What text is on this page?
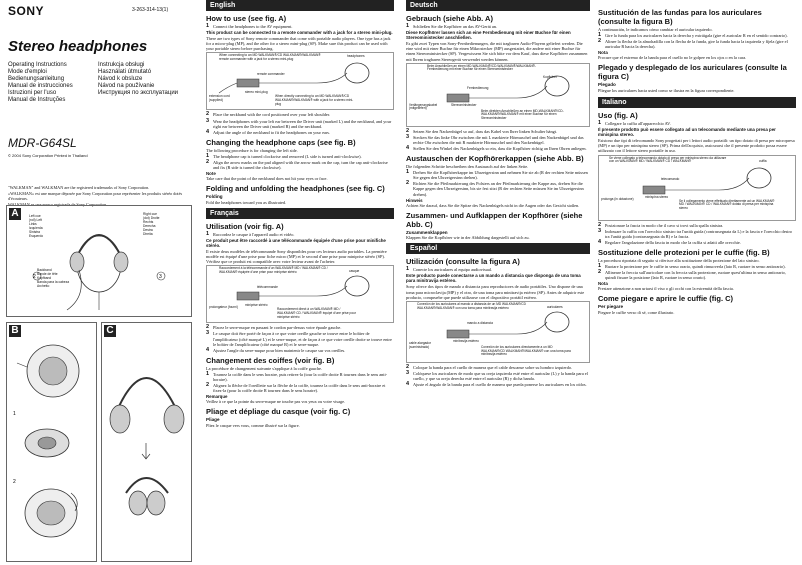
SONY	3-263-314-13(1)
Stereo headphones
Operating Instructions
Mode d'emploi
Bedienungsanleitung
Manual de instrucciones
Istruzioni per l'uso
Manual de Instruções
Instrukcja obsługi
Használati útmutató
Návod k obsluze
Návod na používanie
Инструкция по эксплуатации
MDR-G64SL
© 2004 Sony Corporation Printed in Thailand

"WALKMAN" and WALKMAN are the registered trademarks of Sony Corporation.

«WALKMAN» est une marque déposée par Sony Corporation pour représenter les produits stéréo dotés d'écouteurs.

WALKMAN es una marca registrada de Sony Corporation.

A
2	3
Left cue
(roll) Left
Links
Izquierda
Sinistra
Esquerdo
Right cue
(dot) Droite
Rechts
Derecha
Destra
Direita
Backband
Bande de tête
Kopfband
Banda para la cabeza
Archetto
B
1
2
C
English
How to use (see fig. A)
1 Connect the headphones to the AV equipment.
This product can be connected to a remote commander with a jack for a stereo mini-plug.
There are two types of Sony remote commander that come with portable audio players. One type has a jack for a micro-plug (MP), and the other for a stereo mini-plug (SP). Make sure this product can be used with your portable stereo before purchasing.
When connecting to an MD WALKMAN®/CD WALKMAN®/WALKMAN® remote commander with a jack for a stereo mini-plug
remote commander
headphones
extension cord (supplied)
stereo mini-plug
When directly connecting to an MD WALKMAN®/CD WALKMAN®/WALKMAN® with a jack for a stereo mini-plug
2 Place the neckband with the cord positioned over your left shoulder.
3 Wear the headphones with your left ear between the Driver unit (marked L) and the neckband, and your right ear between the Driver unit (marked R) and the neckband.
4 Adjust the angle of the neckband to fit the headphones on your ears.
Changing the headphone caps (see fig. B)
The following procedure is for changing the left side.
1 The headphone cap is turned clockwise and removed (L side is turned anti-clockwise).
2 Align the arrow marks on the pad aligned with the arrow mark on the cap, turn the cap anti-clockwise and fix (R side is turned the clockwise).
Note
Take care that the point of the neckband does not hit your eyes or face.
Folding and unfolding the headphones (see fig. C)
Folding
Fold the headphones toward you as illustrated.
Français
Utilisation (voir fig. A)
1 Raccordez le casque à l'appareil audio et vidéo.
Ce produit peut être raccordé à une télécommande équipée d'une prise pour minifiche stéréo.
Il existe deux modèles de télécommande Sony disponibles pour ces lecteurs audio portables. La première modèle est équipé d'une prise pour fiche micro (MP) et le second d'une prise pour miniprise stéréo (SP). Vérifiez que ce produit est compatible avec votre lecteur avant de l'acheter.
Raccordement à la télécommande d'un WALKMAN® MD / WALKMAN® CD / WALKMAN® équipée d'une prise pour miniprise stéréo
télécommande
casque
prolongateur (fourni)	miniprise stéréo
Raccordement direct à un WALKMAN® MD / WALKMAN® CD / WALKMAN® équipé d'une prise pour miniprise stéréo
2 Placez le serre-nuque en passant le cordon par-dessus votre épaule gauche.
3 Le casque doit être porté de façon à ce que votre oreille gauche se trouve entre le boîtier de l'amplificateur (côté marqué L) et le serre-nuque, et de façon à ce que votre oreille droite se trouve entre le boîtier de l'amplificateur (côté marqué R) et le serre-nuque.
4 Ajustez l'angle du serre-nuque pour bien maintenir le casque sur vos oreilles.
Changement des coiffes (voir fig. B)
La procédure de changement suivante s'applique à la coiffe gauche.
1 Tournez la coiffe dans le sens horaire, puis retirez-la (tour la coiffe droite R tournez dans le sens anti-horaire).
2 Alignez la flèche de l'oreillette sur la flèche de la coiffe, tournez la coiffe dans le sens anti-horaire et fixez-la (pour la coiffe droite R tournez dans le sens horaire).
Remarque
Veillez à ce que la pointe du serre-nuque ne touche pas vos yeux ou votre visage.
Pliage et dépliage du casque (voir fig. C)
Pliage
Pliez le casque vers vous, comme illustré sur la figure.
Deutsch
Gebrauch (siehe Abb. A)
1 Schließen Sie die Kopfhörer an das AV-Gerät an.
Diese Kopfhörer lassen sich an eine Fernbedienung mit einer Buchse für einen Stereoministecker anschließen.
Es gibt zwei Typen von Sony-Fernbedienungen, die mit tragbaren Audio-Playern geliefert werden. Die eine wird mit einer Buchse für einen Mikrostecker (MP) ausgestattet, die andere mit einer Buchse für einen Stereoministecker (SP). Vergewissern Sie sich bitte vor dem Kauf, dass diese Kopfhörer zusammen mit Ihrem tragbaren Stereogerät verwendet werden können.
Beim Anschließen an einen MD-WALKMAN®/CD-WALKMAN®/WALKMAN®-Fernbedienung mit einer Buchse für einen Stereoministecker
Fernbedienung
Kopfhörer
Verlängerungskabel (mitgeliefert)
Stereoministecker
Beim direkten Anschließen an einen MD-WALKMAN®/CD-WALKMAN®/WALKMAN® mit einer Buchse für einen Stereoministecker
2 Setzen Sie den Nackenbügel so auf, dass das Kabel von Ihrer linken Schulter hängt.
3 Stecken Sie das linke Ohr zwischen die mit L markierte Hörmuschel und den Nackenbügel und das rechte Ohr zwischen die mit R markierte Hörmuschel und den Nackenbügel.
4 Stellen Sie den Winkel des Nackenbügels so ein, dass die Kopfhörer richtig an Ihren Ohren anliegen.
Austauschen der Kopfhörerkappen (siehe Abb. B)
Die folgenden Schritte beschreiben den Austausch auf der linken Seite.
1 Drehen Sie die Kopfhörerkappe im Uhrzeigersinn und nehmen Sie sie ab (R der rechten Seite müssen Sie gegen den Uhrzeigersinn drehen).
2 Richten Sie die Pfeilmarkierung des Polsters an der Pfeilmarkierung der Kappe aus, drehen Sie die Kappe gegen den Uhrzeigersinn, bis sie fest sitzt (R der rechten Seite müssen Sie im Uhrzeigersinn drehen).
Hinweis
Achten Sie darauf, dass Sie die Spitze des Nackenbügels nicht in die Augen oder das Gesicht stoßen.
Zusammen- und Aufklappen der Kopfhörer (siehe Abb. C)
Zusammenklappen
Klappen Sie die Kopfhörer wie in der Abbildung dargestellt auf sich zu.
Español
Utilización (consulte la figura A)
1 Conecte los auriculares al equipo audiovisual.
Este producto puede conectarse a un mando a distancia que disponga de una toma para minitravija estéreo.
Sony ofrece dos tipos de mando a distancia para reproductores de audio portátiles. Uno dispone de una toma para microclavija (MP) y el otro, de una toma para minitravija estéreo (SP). Antes de adquirir este producto, compruebe que puede utilizarse con el dispositivo portátil estéreo.
Conexión de los auriculares al mando a distancia de un MD WALKMAN®/CD WALKMAN®/WALKMAN® con una toma para minitravija estéreo
mando a distancia
auriculares
cable alargador (suministrado)
minitravija estéreo
Conexión de los auriculares directamente a un MD WALKMAN®/CD WALKMAN®/WALKMAN® con una toma para minitravija estéreo
2 Coloque la banda para el cuello de manera que el cable descanse sobre su hombro izquierdo.
3 Colóquese los auriculares de modo que su oreja izquierda esté entre el auricular (L) y la banda para el cuello, y que su oreja derecha esté entre el auricular (R) y dicha banda.
4 Ajuste el ángulo de la banda para el cuello de manera que pueda ponerse los auriculares en los oídos.
Sustitución de las fundas para los auriculares (consulte la figura B)
A continuación, le indicamos cómo cambiar el auricular izquierdo.
1 Gire la funda para los auriculares hacia la derecha y extráigala (gire el auricular R en el sentido contrario).
2 Alinee la flecha de la almohadilla con la flecha de la funda, gire la funda hacia la izquierda y fíjela (gire el auricular R hacia la derecha).
Nota
Procure que el extremo de la banda para el cuello no le golpee en los ojos o en la cara.
Plegado y desplegado de los auriculares (consulte la figura C)
Plegado
Pliegue los auriculares hacia usted como se ilustra en la figura correspondiente.
Italiano
Uso (fig. A)
1 Collegare la cuffia all'apparecchio AV.
Il presente prodotto può essere collegato ad un telecomando mediante una presa per minispina stereo.
Esistono due tipi di telecomando Sony progettati per i lettori audio portatili: un tipo dotato di presa per micropresa (MP) e un tipo per minispina stereo (SP). Prima dell'acquisto, assicurarsi che il presente prodotto possa essere utilizzato con il lettore stereo portatile in uso.
Se viene collegato a telecomando dotato di presa per minispina stereo da utilizzare con un WALKMAN® MD / WALKMAN® CD / WALKMAN®
telecomando
cuffia
prolunga (in dotazione)	minispina stereo
Se il collegamento viene effettuato direttamente ad un WALKMAN® MD / WALKMAN® CD / WALKMAN® dotato di presa per minispina stereo
2 Posizionare la fascia in modo che il cavo si trovi sulla spalla sinistra.
3 Indossare la cuffia con l'orecchio sinistro tra l'unità guida (contrassegnata da L) e la fascia e l'orecchio destro tra l'unità guida (contrassegnata da R) e la fascia.
4 Regolare l'angolazione della fascia in modo che la cuffia si adatti alle orecchie.
Sostituzione delle protezioni per le cuffie (fig. B)
La procedura riportata di seguito si riferisce alla sostituzione della protezione del lato sinistro.
1 Ruotare la protezione per le cuffie in senso orario, quindi rimuoverla (lato R, ruotare in senso antiorario).
2 Allineare la freccia sull'auricolare con la freccia sulla protezione, ruotare quest'ultima in senso antiorario, quindi fissare la posizione (lato R, ruotare in senso orario).
Nota
Prestare attenzione a non urtarsi il viso o gli occhi con la estremità della fascia.
Come piegare e aprire le cuffie (fig. C)
Per piegare
Piegare le cuffie verso di sé, come illustrato.
